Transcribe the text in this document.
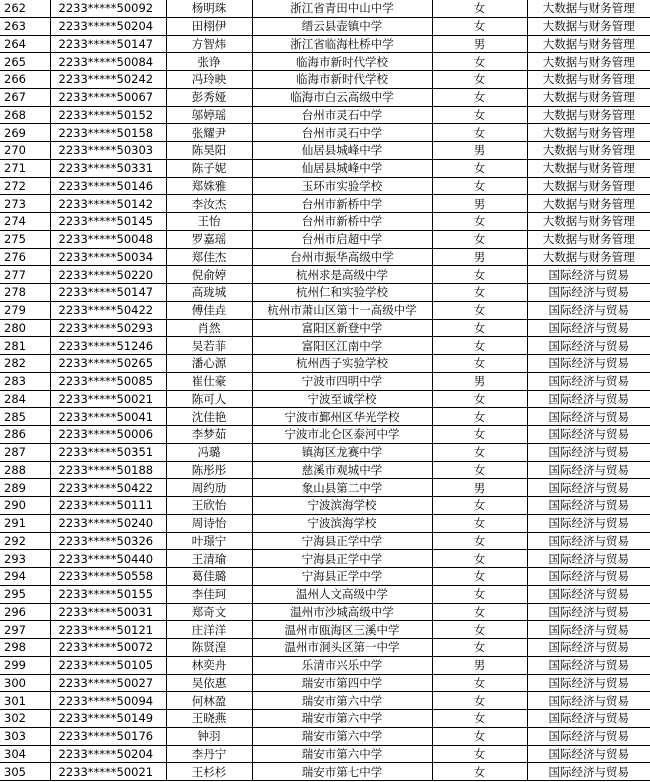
262	2233*****50092	杨明珠	浙江省青田中山中学	女	大数据与财务管理
263	2233*****50204	田栩伊	缙云县壶镇中学	女	大数据与财务管理
264	2233*****50147	方智炜	浙江省临海杜桥中学	男	大数据与财务管理
265	2233*****50084	张诤	临海市新时代学校	女	大数据与财务管理
266	2233*****50242	冯玲映	临海市新时代学校	女	大数据与财务管理
267	2233*****50067	彭秀娅	临海市白云高级中学	女	大数据与财务管理
268	2233*****50152	邬婷瑶	台州市灵石中学	女	大数据与财务管理
269	2233*****50158	张耀尹	台州市灵石中学	女	大数据与财务管理
270	2233*****50303	陈昊阳	仙居县城峰中学	男	大数据与财务管理
271	2233*****50331	陈子妮	仙居县城峰中学	女	大数据与财务管理
272	2233*****50146	郑姝雅	玉环市实验学校	女	大数据与财务管理
273	2233*****50142	李汝杰	台州市新桥中学	男	大数据与财务管理
274	2233*****50145	王怡	台州市新桥中学	女	大数据与财务管理
275	2233*****50048	罗嘉瑶	台州市启超中学	女	大数据与财务管理
276	2233*****50034	郑佳杰	台州市振华高级中学	男	大数据与财务管理
277	2233*****50220	倪俞婷	杭州求是高级中学	女	国际经济与贸易
278	2233*****50147	高珑城	杭州仁和实验学校	女	国际经济与贸易
279	2233*****50422	傅佳垚	杭州市萧山区第十一高级中学	女	国际经济与贸易
280	2233*****50293	肖然	富阳区新登中学	女	国际经济与贸易
281	2233*****51246	吴若菲	富阳区江南中学	女	国际经济与贸易
282	2233*****50265	潘心源	杭州西子实验学校	女	国际经济与贸易
283	2233*****50085	崔仕豪	宁波市四明中学	男	国际经济与贸易
284	2233*****50021	陈可人	宁波至诚学校	女	国际经济与贸易
285	2233*****50041	沈佳艳	宁波市鄞州区华光学校	女	国际经济与贸易
286	2233*****50006	李梦茹	宁波市北仑区泰河中学	女	国际经济与贸易
287	2233*****50351	冯璐	镇海区龙赛中学	女	国际经济与贸易
288	2233*****50188	陈彤彤	慈溪市观城中学	女	国际经济与贸易
289	2233*****50422	周约劢	象山县第二中学	男	国际经济与贸易
290	2233*****50111	王欣怡	宁波滨海学校	女	国际经济与贸易
291	2233*****50240	周诗怡	宁波滨海学校	女	国际经济与贸易
292	2233*****50326	叶璟宁	宁海县正学中学	女	国际经济与贸易
293	2233*****50440	王清瑜	宁海县正学中学	女	国际经济与贸易
294	2233*****50558	葛佳璐	宁海县正学中学	女	国际经济与贸易
295	2233*****50155	李佳珂	温州人文高级中学	女	国际经济与贸易
296	2233*****50031	郑奇文	温州市沙城高级中学	女	国际经济与贸易
297	2233*****50121	庄洋洋	温州市瓯海区三溪中学	女	国际经济与贸易
298	2233*****50072	陈贤湟	温州市洞头区第一中学	女	国际经济与贸易
299	2233*****50105	林奕舟	乐清市兴乐中学	男	国际经济与贸易
300	2233*****50027	吴依惠	瑞安市第四中学	女	国际经济与贸易
301	2233*****50094	何林盈	瑞安市第六中学	女	国际经济与贸易
302	2233*****50149	王晓燕	瑞安市第六中学	女	国际经济与贸易
303	2233*****50176	钟羽	瑞安市第六中学	女	国际经济与贸易
304	2233*****50204	李丹宁	瑞安市第六中学	女	国际经济与贸易
305	2233*****50021	王杉杉	瑞安市第七中学	女	国际经济与贸易
